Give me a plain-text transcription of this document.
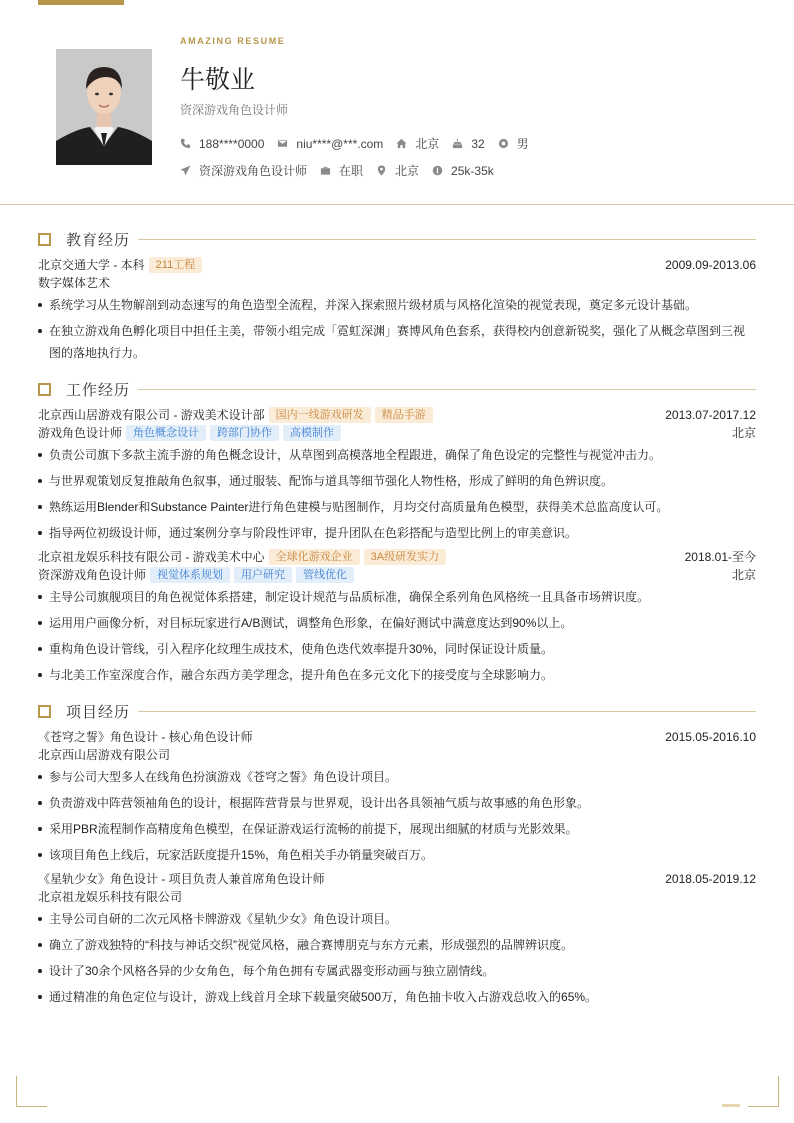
AMAZING RESUME
牛敬业
资深游戏角色设计师
188****0000	niu****@***.com	北京	32	男
资深游戏角色设计师	在职	北京	25k-35k
教育经历
北京交通大学 - 本科	211工程	2009.09-2013.06
数字媒体艺术
系统学习从生物解剖到动态速写的角色造型全流程，并深入探索照片级材质与风格化渲染的视觉表现，奠定多元设计基础。
在独立游戏角色孵化项目中担任主美，带领小组完成「霓虹深渊」赛博风角色套系，获得校内创意新锐奖，强化了从概念草图到三视图的落地执行力。
工作经历
北京西山居游戏有限公司 - 游戏美术设计部	国内一线游戏研发	精品手游	2013.07-2017.12
游戏角色设计师	角色概念设计	跨部门协作	高模制作	北京
负责公司旗下多款主流手游的角色概念设计，从草图到高模落地全程跟进，确保了角色设定的完整性与视觉冲击力。
与世界观策划反复推敲角色叙事，通过服装、配饰与道具等细节强化人物性格，形成了鲜明的角色辨识度。
熟练运用Blender和Substance Painter进行角色建模与贴图制作，月均交付高质量角色模型，获得美术总监高度认可。
指导两位初级设计师，通过案例分享与阶段性评审，提升团队在色彩搭配与造型比例上的审美意识。
北京祖龙娱乐科技有限公司 - 游戏美术中心	全球化游戏企业	3A级研发实力	2018.01-至今
资深游戏角色设计师	视觉体系规划	用户研究	管线优化	北京
主导公司旗舰项目的角色视觉体系搭建，制定设计规范与品质标准，确保全系列角色风格统一且具备市场辨识度。
运用用户画像分析，对目标玩家进行A/B测试，调整角色形象，在偏好测试中满意度达到90%以上。
重构角色设计管线，引入程序化纹理生成技术，使角色迭代效率提升30%，同时保证设计质量。
与北美工作室深度合作，融合东西方美学理念，提升角色在多元文化下的接受度与全球影响力。
项目经历
《苍穹之誓》角色设计 - 核心角色设计师	2015.05-2016.10
北京西山居游戏有限公司
参与公司大型多人在线角色扮演游戏《苍穹之誓》角色设计项目。
负责游戏中阵营领袖角色的设计，根据阵营背景与世界观，设计出各具领袖气质与故事感的角色形象。
采用PBR流程制作高精度角色模型，在保证游戏运行流畅的前提下，展现出细腻的材质与光影效果。
该项目角色上线后，玩家活跃度提升15%，角色相关手办销量突破百万。
《星轨少女》角色设计 - 项目负责人兼首席角色设计师	2018.05-2019.12
北京祖龙娱乐科技有限公司
主导公司自研的二次元风格卡牌游戏《星轨少女》角色设计项目。
确立了游戏独特的“科技与神话交织”视觉风格，融合赛博朋克与东方元素，形成强烈的品牌辨识度。
设计了30余个风格各异的少女角色，每个角色拥有专属武器变形动画与独立剧情线。
通过精准的角色定位与设计，游戏上线首月全球下载量突破500万，角色抽卡收入占游戏总收入的65%。
